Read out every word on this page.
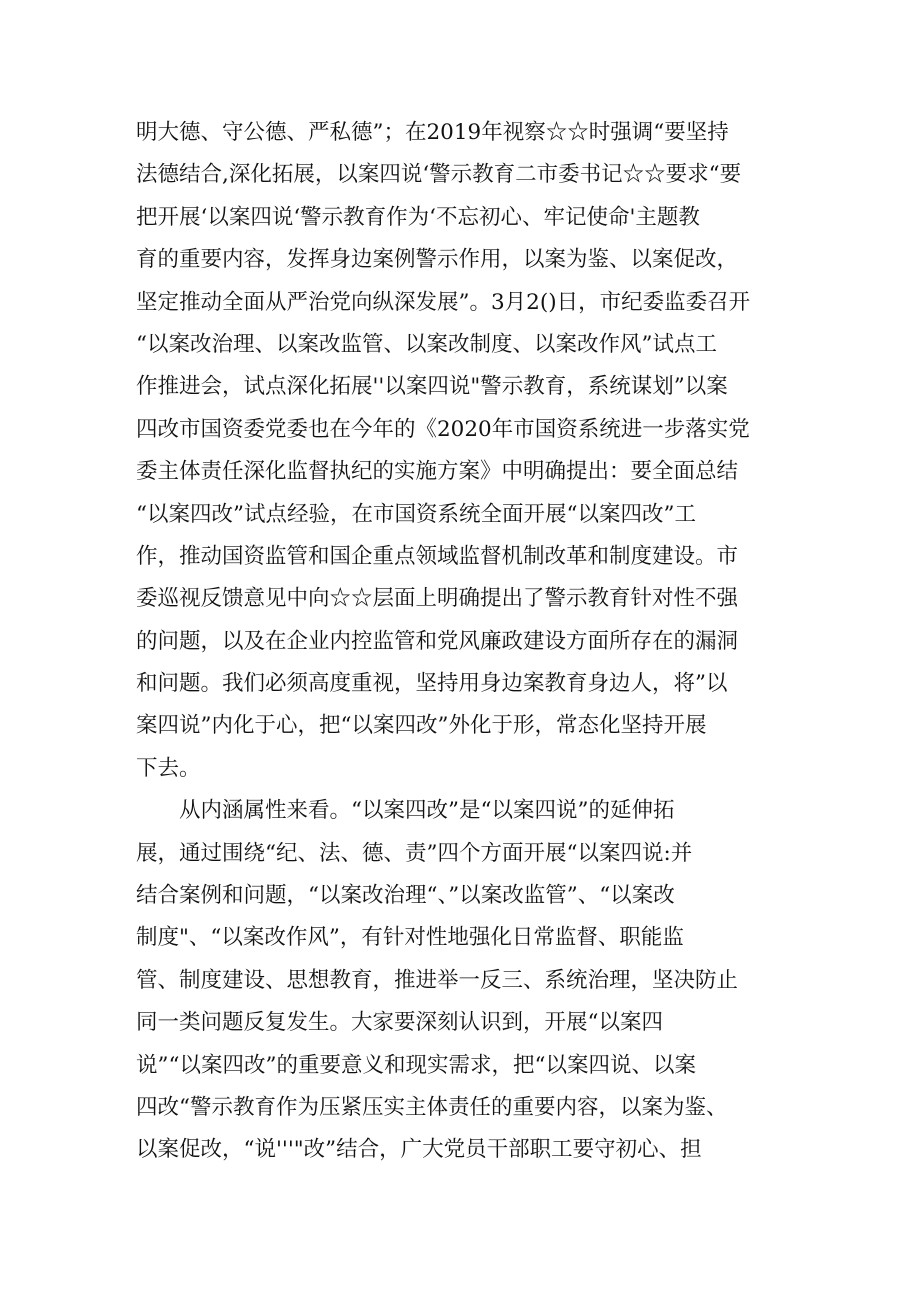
明大德、守公德、严私德”；在2019年视察☆☆时强调“要坚持
法德结合,深化拓展，以案四说‘警示教育二市委书记☆☆要求“要
把开展‘以案四说‘警示教育作为‘不忘初心、牢记使命'主题教
育的重要内容，发挥身边案例警示作用，以案为鉴、以案促改，
坚定推动全面从严治党向纵深发展”。3月2()日，市纪委监委召开
“以案改治理、以案改监管、以案改制度、以案改作风”试点工
作推进会，试点深化拓展''以案四说"警示教育，系统谋划”以案
四改市国资委党委也在今年的《2020年市国资系统进一步落实党
委主体责任深化监督执纪的实施方案》中明确提出：要全面总结
“以案四改”试点经验，在市国资系统全面开展“以案四改”工
作，推动国资监管和国企重点领域监督机制改革和制度建设。市
委巡视反馈意见中向☆☆层面上明确提出了警示教育针对性不强
的问题，以及在企业内控监管和党风廉政建设方面所存在的漏洞
和问题。我们必须高度重视，坚持用身边案教育身边人，将”以
案四说”内化于心，把“以案四改”外化于形，常态化坚持开展
下去。
从内涵属性来看。“以案四改”是“以案四说”的延伸拓
展，通过围绕“纪、法、德、责”四个方面开展“以案四说:并
结合案例和问题，“以案改治理“、”以案改监管”、“以案改
制度"、“以案改作风”，有针对性地强化日常监督、职能监
管、制度建设、思想教育，推进举一反三、系统治理，坚决防止
同一类问题反复发生。大家要深刻认识到，开展“以案四
说”“以案四改”的重要意义和现实需求，把“以案四说、以案
四改“警示教育作为压紧压实主体责任的重要内容，以案为鉴、
以案促改，“说'''"改”结合，广大党员干部职工要守初心、担
